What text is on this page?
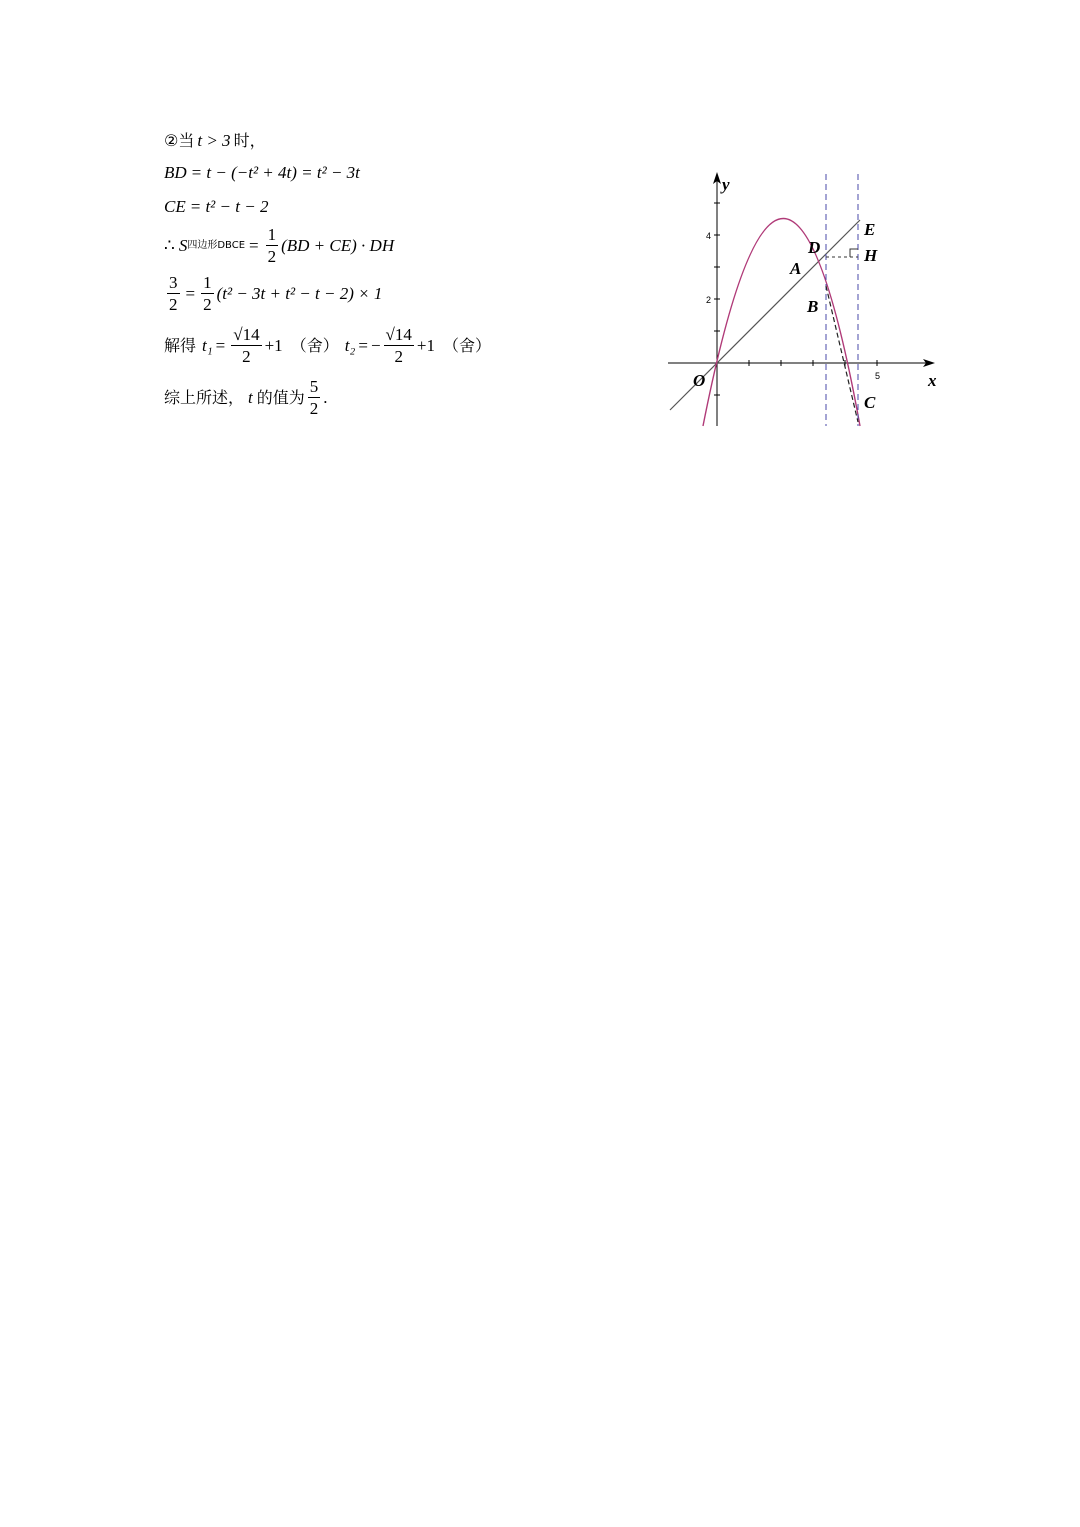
②当 t > 3 时，
BD = t − (−t² + 4t) = t² − 3t
CE = t² − t − 2
∴ S 四边形DBCE = $\frac{1}{2} (BD + CE)$ · DH
$\frac{3}{2} = \frac{1}{2} (t^2 - 3t + t^2 - t - 2) \times 1$
解得 $t_1 = \frac{√14}{2} +1$ （舍） t₂ = − $\frac{√14}{2} +1$ （舍）
综上所述， t 的值为 $\frac{5}{2}$ .
4
2
5	x
y
O
E
D	H
A
B
C
